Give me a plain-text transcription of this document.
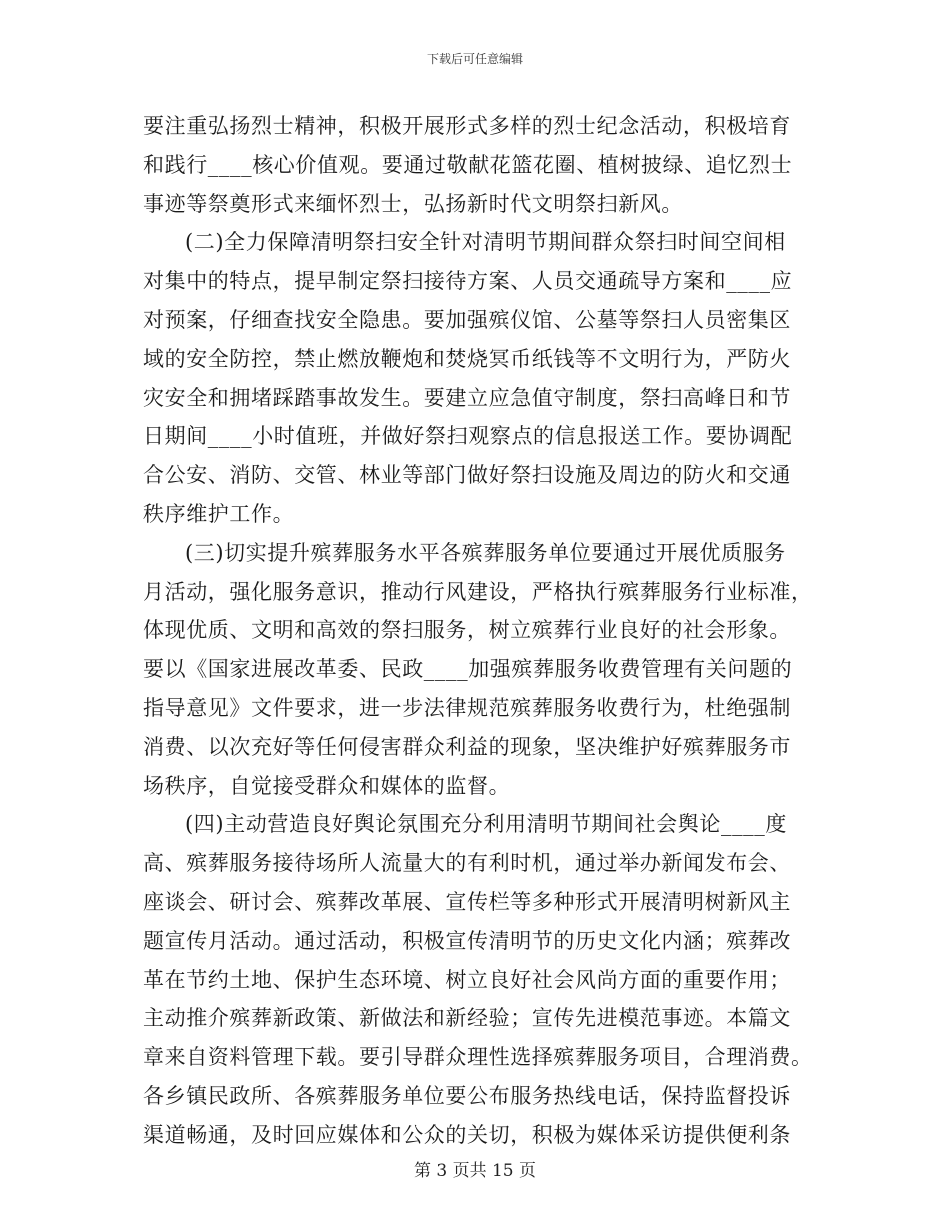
下载后可任意编辑
要注重弘扬烈士精神，积极开展形式多样的烈士纪念活动，积极培育
和践行____核心价值观。要通过敬献花篮花圈、植树披绿、追忆烈士
事迹等祭奠形式来缅怀烈士，弘扬新时代文明祭扫新风。
(二)全力保障清明祭扫安全针对清明节期间群众祭扫时间空间相
对集中的特点，提早制定祭扫接待方案、人员交通疏导方案和____应
对预案，仔细查找安全隐患。要加强殡仪馆、公墓等祭扫人员密集区
域的安全防控，禁止燃放鞭炮和焚烧冥币纸钱等不文明行为，严防火
灾安全和拥堵踩踏事故发生。要建立应急值守制度，祭扫高峰日和节
日期间____小时值班，并做好祭扫观察点的信息报送工作。要协调配
合公安、消防、交管、林业等部门做好祭扫设施及周边的防火和交通
秩序维护工作。
(三)切实提升殡葬服务水平各殡葬服务单位要通过开展优质服务
月活动，强化服务意识，推动行风建设，严格执行殡葬服务行业标准，
体现优质、文明和高效的祭扫服务，树立殡葬行业良好的社会形象。
要以《国家进展改革委、民政____加强殡葬服务收费管理有关问题的
指导意见》文件要求，进一步法律规范殡葬服务收费行为，杜绝强制
消费、以次充好等任何侵害群众利益的现象，坚决维护好殡葬服务市
场秩序，自觉接受群众和媒体的监督。
(四)主动营造良好舆论氛围充分利用清明节期间社会舆论____度
高、殡葬服务接待场所人流量大的有利时机，通过举办新闻发布会、
座谈会、研讨会、殡葬改革展、宣传栏等多种形式开展清明树新风主
题宣传月活动。通过活动，积极宣传清明节的历史文化内涵；殡葬改
革在节约土地、保护生态环境、树立良好社会风尚方面的重要作用；
主动推介殡葬新政策、新做法和新经验；宣传先进模范事迹。本篇文
章来自资料管理下载。要引导群众理性选择殡葬服务项目，合理消费。
各乡镇民政所、各殡葬服务单位要公布服务热线电话，保持监督投诉
渠道畅通，及时回应媒体和公众的关切，积极为媒体采访提供便利条
第 3 页共 15 页
